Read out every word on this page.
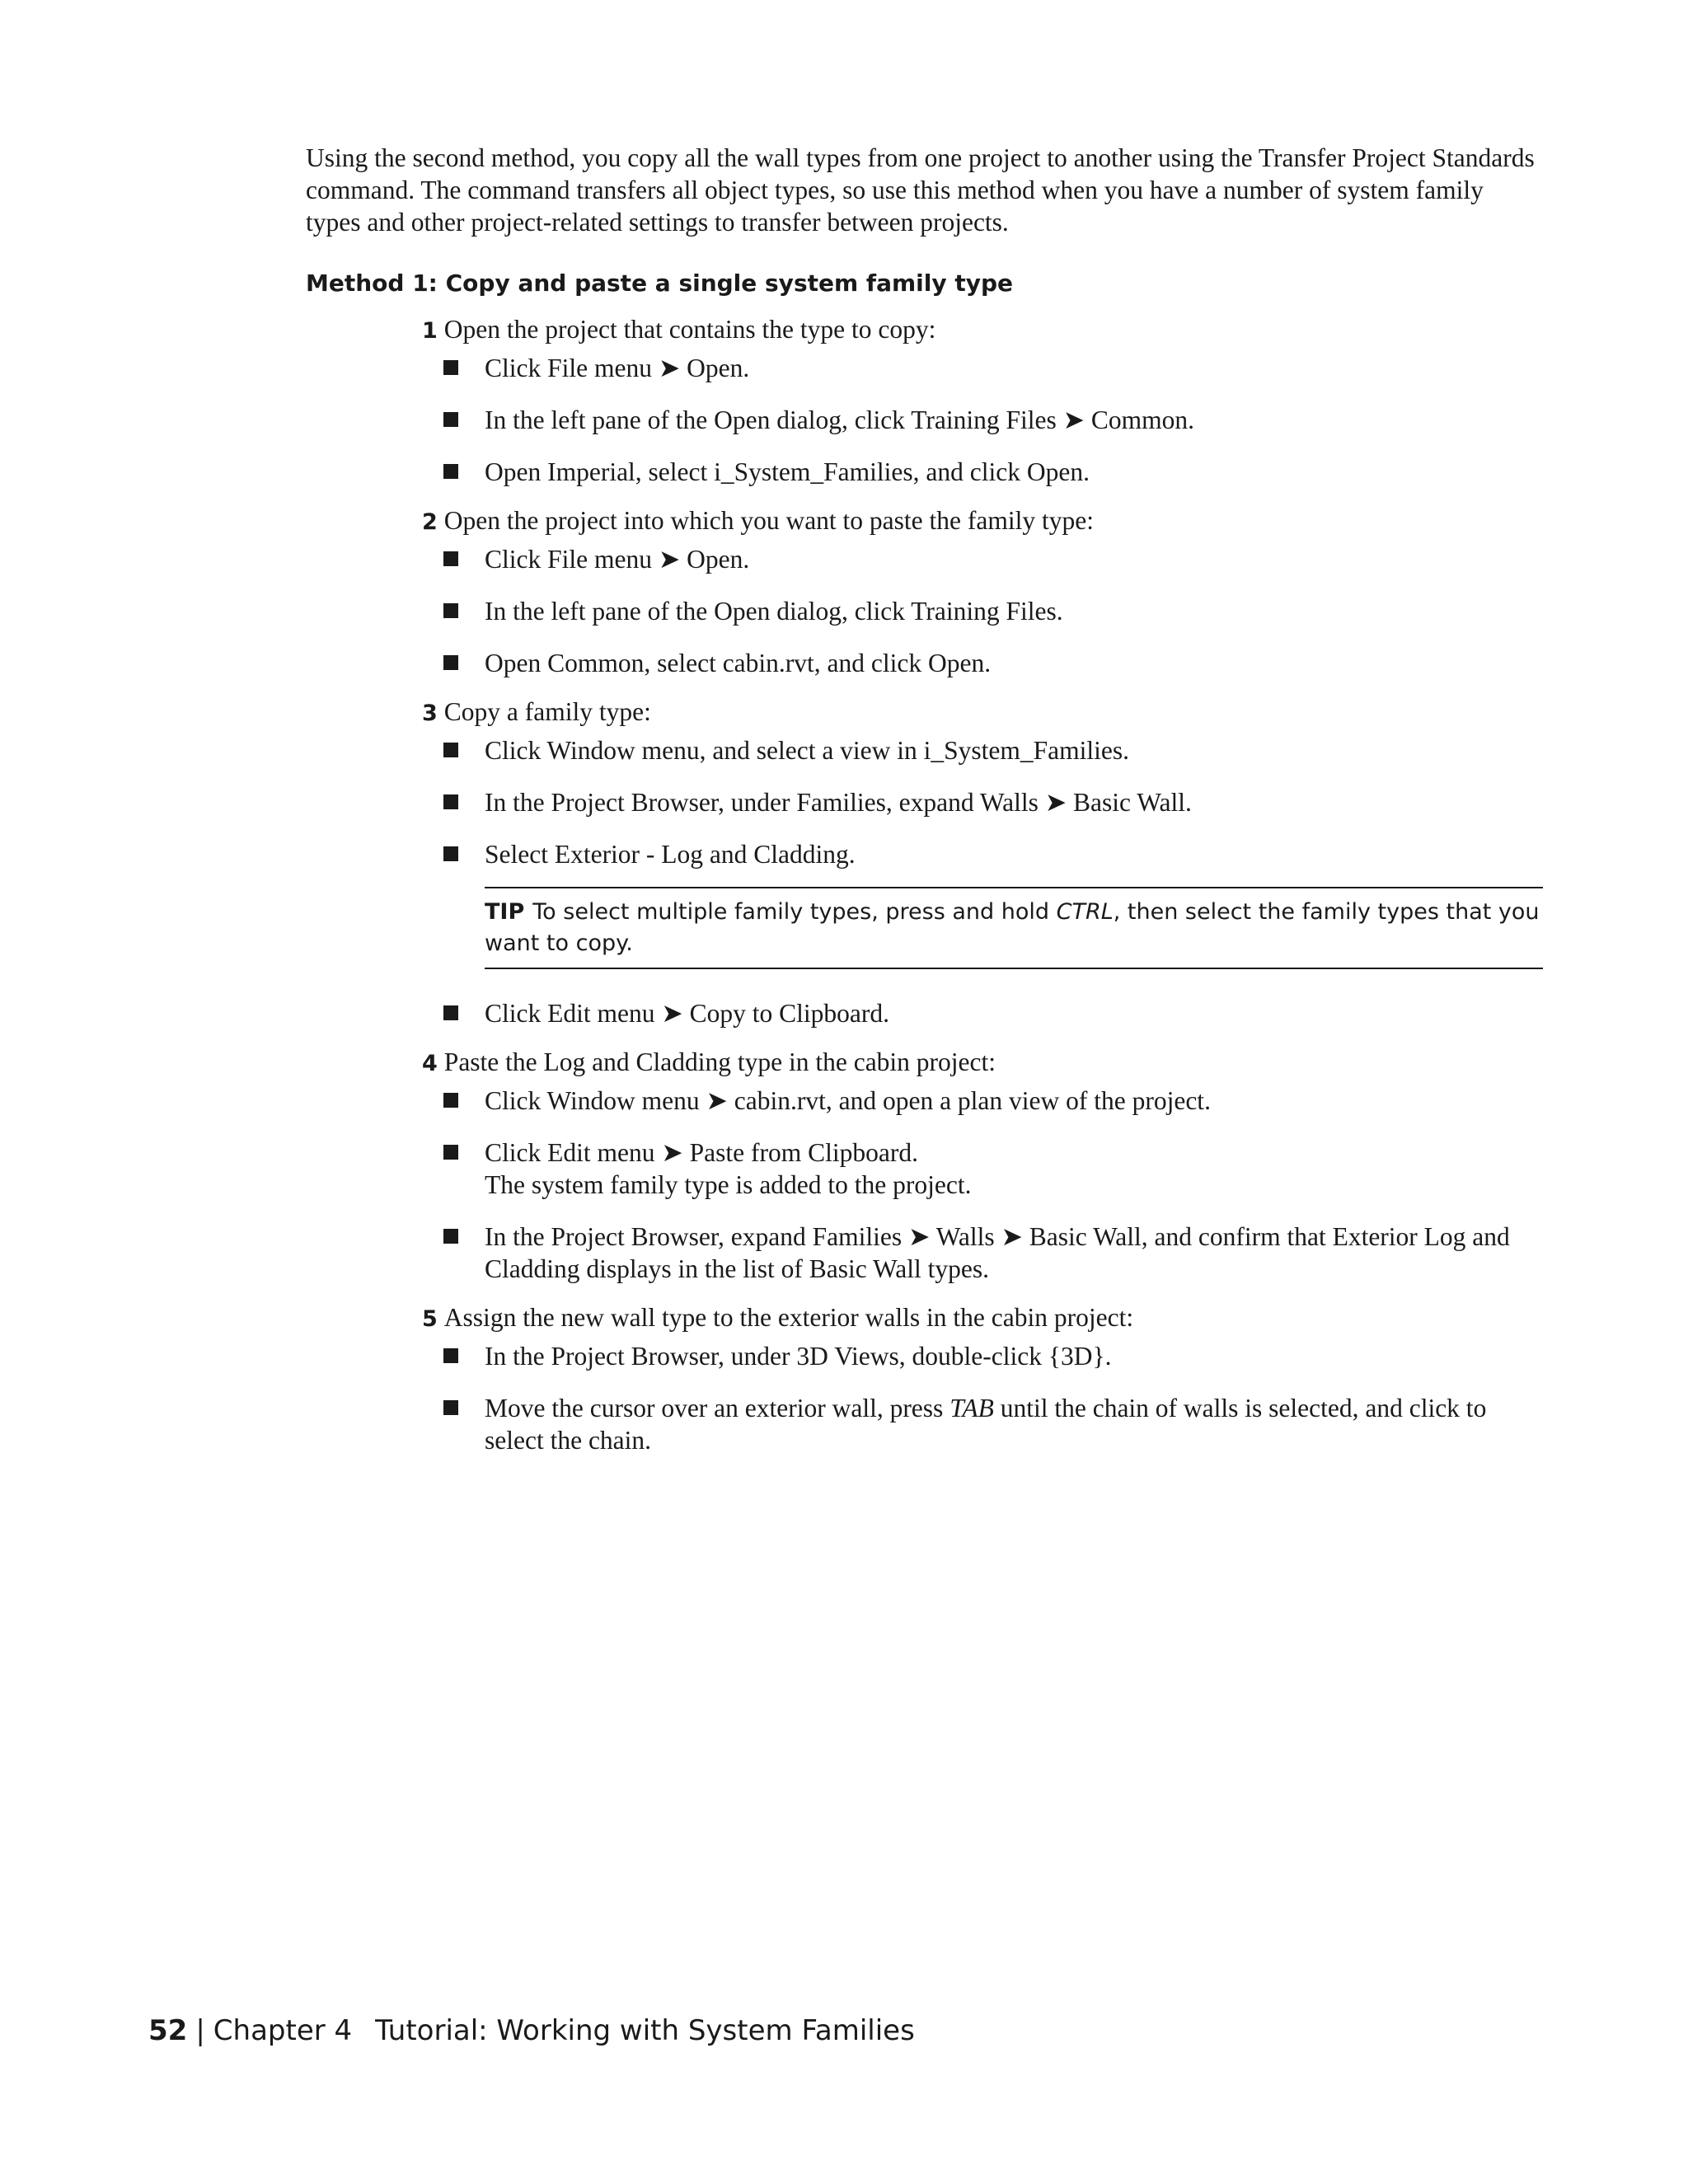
Using the second method, you copy all the wall types from one project to another using the Transfer Project Standards command. The command transfers all object types, so use this method when you have a number of system family types and other project-related settings to transfer between projects.

Method 1: Copy and paste a single system family type

1 Open the project that contains the type to copy:

Click File menu ➤ Open.
In the left pane of the Open dialog, click Training Files ➤ Common.
Open Imperial, select i_System_Families, and click Open.

2 Open the project into which you want to paste the family type:

Click File menu ➤ Open.
In the left pane of the Open dialog, click Training Files.
Open Common, select cabin.rvt, and click Open.

3 Copy a family type:

Click Window menu, and select a view in i_System_Families.
In the Project Browser, under Families, expand Walls ➤ Basic Wall.
Select Exterior - Log and Cladding.
TIP To select multiple family types, press and hold CTRL, then select the family types that you want to copy.
Click Edit menu ➤ Copy to Clipboard.

4 Paste the Log and Cladding type in the cabin project:

Click Window menu ➤ cabin.rvt, and open a plan view of the project.
Click Edit menu ➤ Paste from Clipboard.
The system family type is added to the project.
In the Project Browser, expand Families ➤ Walls ➤ Basic Wall, and confirm that Exterior Log and Cladding displays in the list of Basic Wall types.

5 Assign the new wall type to the exterior walls in the cabin project:

In the Project Browser, under 3D Views, double-click {3D}.
Move the cursor over an exterior wall, press TAB until the chain of walls is selected, and click to select the chain.
52 | Chapter 4 Tutorial: Working with System Families
